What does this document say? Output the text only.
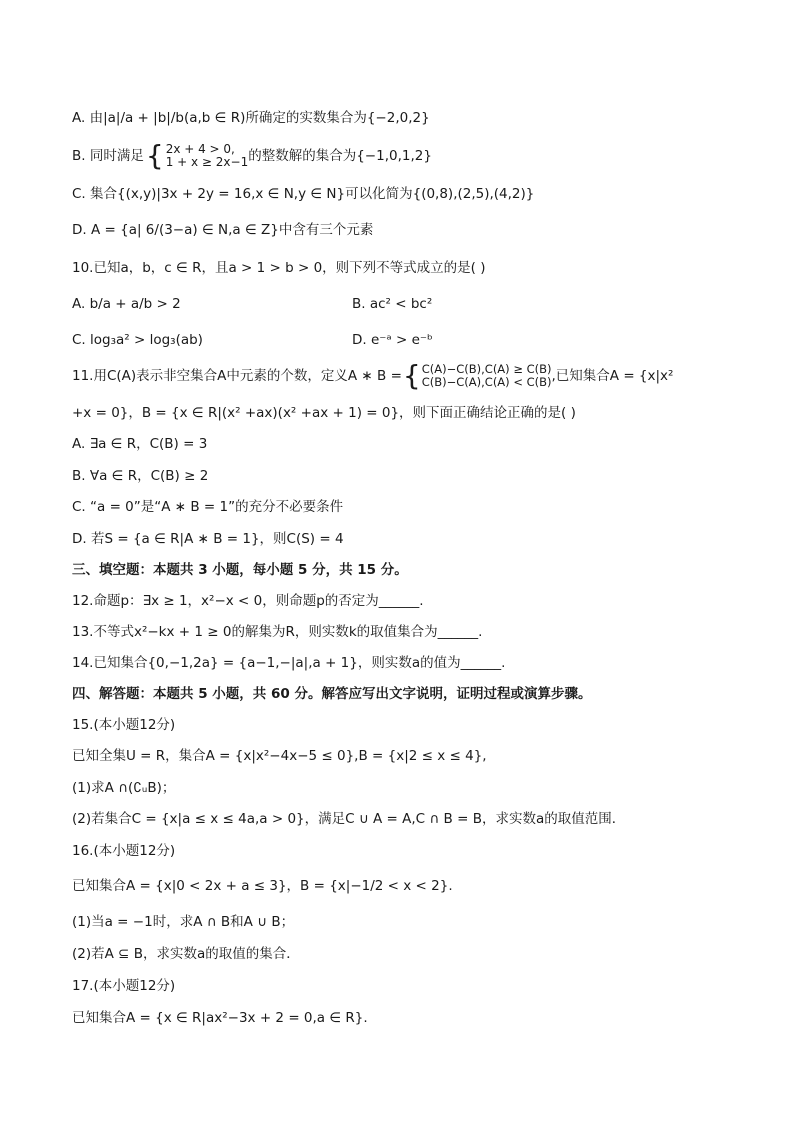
A. 由|a|/a + |b|/b(a,b ∈ R)所确定的实数集合为{−2,0,2}
B. 同时满足 { 2x + 4 > 0,
1 + x ≥ 2x−1 的整数解的集合为{−1,0,1,2}
C. 集合{(x,y)|3x + 2y = 16,x ∈ N,y ∈ N}可以化简为{(0,8),(2,5),(4,2)}
D. A = {a| 6/(3−a) ∈ N,a ∈ Z}中含有三个元素
10.已知a，b，c ∈ R，且a > 1 > b > 0，则下列不等式成立的是( )
A. b/a + a/b > 2	B. ac² < bc²
C. log₃a² > log₃(ab)	D. e⁻ᵃ > e⁻ᵇ
11.用C(A)表示非空集合A中元素的个数，定义A ∗ B = { C(A)−C(B),C(A) ≥ C(B)
C(B)−C(A),C(A) < C(B) ,已知集合A = {x|x²
+x = 0}，B = {x ∈ R|(x² +ax)(x² +ax + 1) = 0}，则下面正确结论正确的是( )
A. ∃a ∈ R，C(B) = 3
B. ∀a ∈ R，C(B) ≥ 2
C. “a = 0”是“A ∗ B = 1”的充分不必要条件
D. 若S = {a ∈ R|A ∗ B = 1}，则C(S) = 4
三、填空题：本题共 3 小题，每小题 5 分，共 15 分。
12.命题p：∃x ≥ 1，x²−x < 0，则命题p的否定为______.
13.不等式x²−kx + 1 ≥ 0的解集为R，则实数k的取值集合为______.
14.已知集合{0,−1,2a} = {a−1,−|a|,a + 1}，则实数a的值为______.
四、解答题：本题共 5 小题，共 60 分。解答应写出文字说明，证明过程或演算步骤。
15.(本小题12分)
已知全集U = R，集合A = {x|x²−4x−5 ≤ 0},B = {x|2 ≤ x ≤ 4},
(1)求A ∩(∁ᵤB)；
(2)若集合C = {x|a ≤ x ≤ 4a,a > 0}，满足C ∪ A = A,C ∩ B = B，求实数a的取值范围．
16.(本小题12分)
已知集合A = {x|0 < 2x + a ≤ 3}，B = {x|−1/2 < x < 2}.
(1)当a = −1时，求A ∩ B和A ∪ B；
(2)若A ⊆ B，求实数a的取值的集合．
17.(本小题12分)
已知集合A = {x ∈ R|ax²−3x + 2 = 0,a ∈ R}.
